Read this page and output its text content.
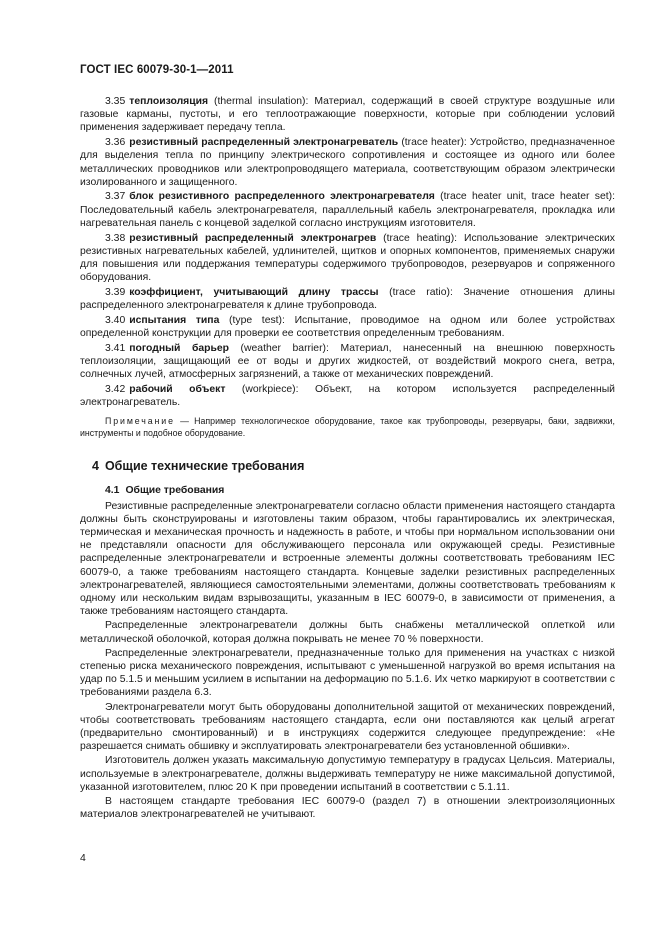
ГОСТ IEC 60079-30-1—2011

3.35 теплоизоляция (thermal insulation): Материал, содержащий в своей структуре воздушные или газовые карманы, пустоты, и его теплоотражающие поверхности, которые при соблюдении условий применения задерживает передачу тепла.

3.36 резистивный распределенный электронагреватель (trace heater): Устройство, предназначенное для выделения тепла по принципу электрического сопротивления и состоящее из одного или более металлических проводников или электропроводящего материала, соответствующим образом электрически изолированного и защищенного.

3.37 блок резистивного распределенного электронагревателя (trace heater unit, trace heater set): Последовательный кабель электронагревателя, параллельный кабель электронагревателя, прокладка или нагревательная панель с концевой заделкой согласно инструкциям изготовителя.

3.38 резистивный распределенный электронагрев (trace heating): Использование электрических резистивных нагревательных кабелей, удлинителей, щитков и опорных компонентов, применяемых снаружи для повышения или поддержания температуры содержимого трубопроводов, резервуаров и сопряженного оборудования.

3.39 коэффициент, учитывающий длину трассы (trace ratio): Значение отношения длины распределенного электронагревателя к длине трубопровода.

3.40 испытания типа (type test): Испытание, проводимое на одном или более устройствах определенной конструкции для проверки ее соответствия определенным требованиям.

3.41 погодный барьер (weather barrier): Материал, нанесенный на внешнюю поверхность теплоизоляции, защищающий ее от воды и других жидкостей, от воздействий мокрого снега, ветра, солнечных лучей, атмосферных загрязнений, а также от механических повреждений.

3.42 рабочий объект (workpiece): Объект, на котором используется распределенный электронагреватель.

Примечание — Например технологическое оборудование, такое как трубопроводы, резервуары, баки, задвижки, инструменты и подобное оборудование.

4 Общие технические требования
4.1 Общие требования

Резистивные распределенные электронагреватели согласно области применения настоящего стандарта должны быть сконструированы и изготовлены таким образом, чтобы гарантировались их электрическая, термическая и механическая прочность и надежность в работе, и чтобы при нормальном использовании они не представляли опасности для обслуживающего персонала или окружающей среды. Резистивные распределенные электронагреватели и встроенные элементы должны соответствовать требованиям IEC 60079-0, а также требованиям настоящего стандарта. Концевые заделки резистивных распределенных электронагревателей, являющиеся самостоятельными элементами, должны соответствовать требованиям к одному или нескольким видам взрывозащиты, указанным в IEC 60079-0, в зависимости от применения, а также требованиям настоящего стандарта.

Распределенные электронагреватели должны быть снабжены металлической оплеткой или металлической оболочкой, которая должна покрывать не менее 70 % поверхности.

Распределенные электронагреватели, предназначенные только для применения на участках с низкой степенью риска механического повреждения, испытывают с уменьшенной нагрузкой во время испытания на удар по 5.1.5 и меньшим усилием в испытании на деформацию по 5.1.6. Их четко маркируют в соответствии с требованиями раздела 6.3.

Электронагреватели могут быть оборудованы дополнительной защитой от механических повреждений, чтобы соответствовать требованиям настоящего стандарта, если они поставляются как целый агрегат (предварительно смонтированный) и в инструкциях содержится следующее предупреждение: «Не разрешается снимать обшивку и эксплуатировать электронагреватели без установленной обшивки».

Изготовитель должен указать максимальную допустимую температуру в градусах Цельсия. Материалы, используемые в электронагревателе, должны выдерживать температуру не ниже максимальной допустимой, указанной изготовителем, плюс 20 K при проведении испытаний в соответствии с 5.1.11.

В настоящем стандарте требования IEC 60079-0 (раздел 7) в отношении электроизоляционных материалов электронагревателей не учитывают.

4
